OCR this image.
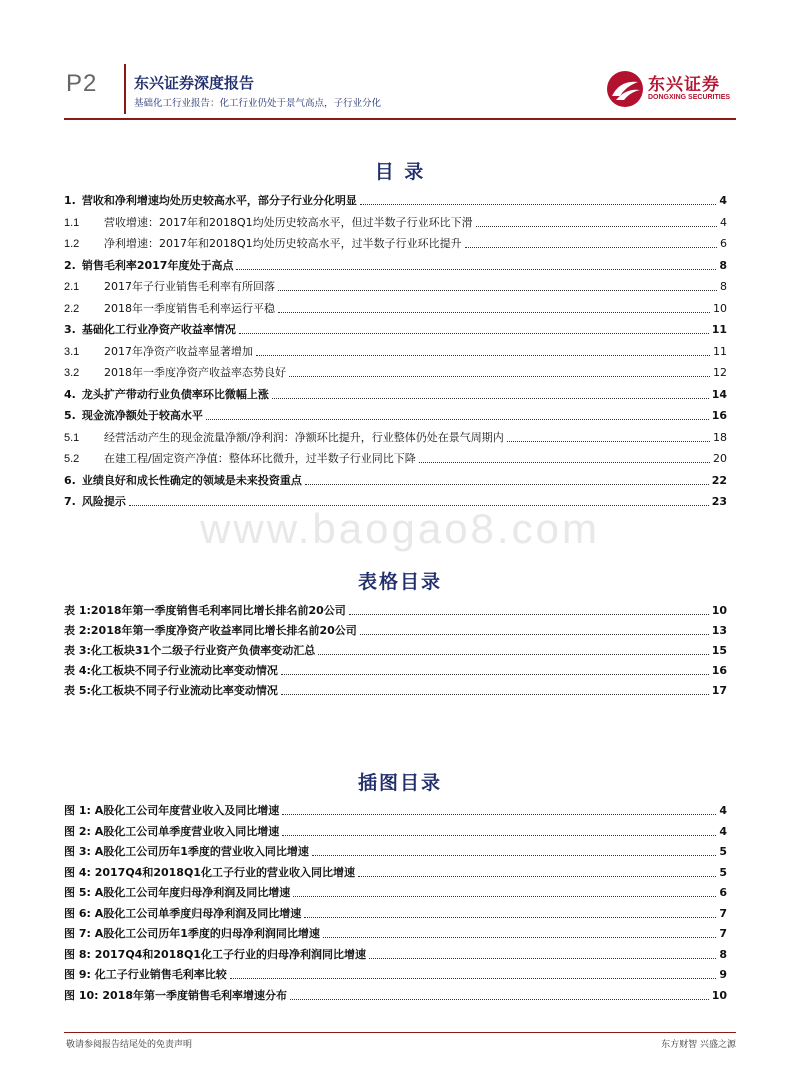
P2 东兴证券深度报告
基础化工行业报告：化工行业仍处于景气高点，子行业分化
东兴证券
DONGXING SECURITIES
目 录
1. 营收和净利增速均处历史较高水平，部分子行业分化明显	4
1.1	营收增速：2017年和2018Q1均处历史较高水平，但过半数子行业环比下滑	4
1.2	净利增速：2017年和2018Q1均处历史较高水平，过半数子行业环比提升	6
2. 销售毛利率2017年度处于高点	8
2.1	2017年子行业销售毛利率有所回落	8
2.2	2018年一季度销售毛利率运行平稳	10
3. 基础化工行业净资产收益率情况	11
3.1	2017年净资产收益率显著增加	11
3.2	2018年一季度净资产收益率态势良好	12
4. 龙头扩产带动行业负债率环比微幅上涨	14
5. 现金流净额处于较高水平	16
5.1	经营活动产生的现金流量净额/净利润：净额环比提升，行业整体仍处在景气周期内	18
5.2	在建工程/固定资产净值：整体环比微升，过半数子行业同比下降	20
6. 业绩良好和成长性确定的领域是未来投资重点	22
7. 风险提示	23
www.baogao8.com
表格目录
表 1:2018年第一季度销售毛利率同比增长排名前20公司	10
表 2:2018年第一季度净资产收益率同比增长排名前20公司	13
表 3:化工板块31个二级子行业资产负债率变动汇总	15
表 4:化工板块不同子行业流动比率变动情况	16
表 5:化工板块不同子行业流动比率变动情况	17
插图目录
图 1: A股化工公司年度营业收入及同比增速	4
图 2: A股化工公司单季度营业收入同比增速	4
图 3: A股化工公司历年1季度的营业收入同比增速	5
图 4: 2017Q4和2018Q1化工子行业的营业收入同比增速	5
图 5: A股化工公司年度归母净利润及同比增速	6
图 6: A股化工公司单季度归母净利润及同比增速	7
图 7: A股化工公司历年1季度的归母净利润同比增速	7
图 8: 2017Q4和2018Q1化工子行业的归母净利润同比增速	8
图 9: 化工子行业销售毛利率比较	9
图 10: 2018年第一季度销售毛利率增速分布	10
敬请参阅报告结尾处的免责声明	东方财智 兴盛之源
